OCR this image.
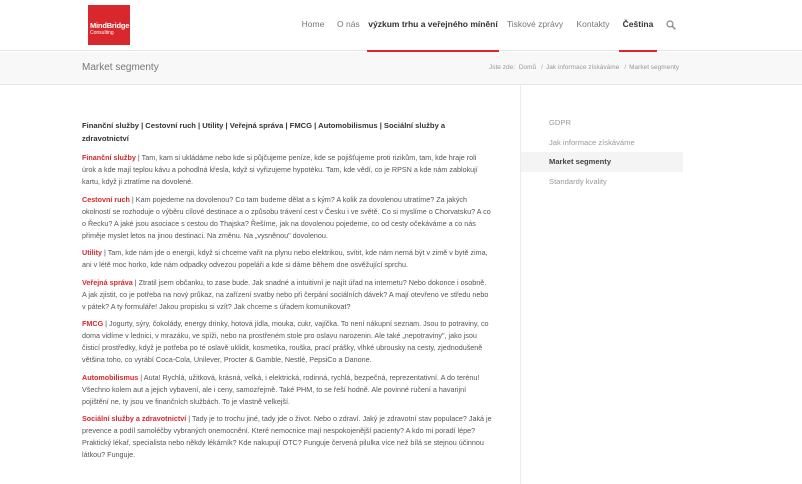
MindBridge
Consulting
Home O nás výzkum trhu a veřejného mínění Tiskové zprávy Kontakty	Čeština
Market segmenty	Jste zde: Domů / Jak informace získáváme / Market segmenty

Finanční služby | Cestovní ruch | Utility | Veřejná správa | FMCG | Automobilismus | Sociální služby a zdravotnictví

Finanční služby | Tam, kam si ukládáme nebo kde si půjčujeme peníze, kde se pojišťujeme proti rizikům, tam, kde hraje roli úrok a kde mají teplou kávu a pohodlná křesla, když si vyřizujeme hypotéku. Tam, kde vědí, co je RPSN a kde nám zablokují kartu, když ji ztratíme na dovolené.

Cestovní ruch | Kam pojedeme na dovolenou? Co tam budeme dělat a s kým? A kolik za dovolenou utratíme? Za jakých okolností se rozhoduje o výběru cílové destinace a o způsobu trávení cest v Česku i ve světě. Co si myslíme o Chorvatsku? A co o Řecku? A jaké jsou asociace s cestou do Thajska? Řešíme, jak na dovolenou pojedeme, co od cesty očekáváme a co nás přiměje myslet letos na jinou destinaci. Na změnu. Na „vysněnou" dovolenou.

Utility | Tam, kde nám jde o energii, když si chceme vařit na plynu nebo elektrikou, svítit, kde nám nemá být v zimě v bytě zima, ani v létě moc horko, kde nám odpadky odvezou popeláři a kde si dáme během dne osvěžující sprchu.

Veřejná správa | Ztratil jsem občanku, to zase bude. Jak snadné a intuitivní je najít úřad na internetu? Nebo dokonce i osobně. A jak zjistit, co je potřeba na nový průkaz, na zařízení svatby nebo při čerpání sociálních dávek? A mají otevřeno ve středu nebo v pátek? A ty formuláře! Jakou propisku si vzít? Jak chceme s úřadem komunikovat?

FMCG | Jogurty, sýry, čokolády, energy drinky, hotová jídla, mouka, cukr, vajíčka. To není nákupní seznam. Jsou to potraviny, co doma vidíme v lednici, v mrazáku, ve spíži, nebo na prostřeném stole pro oslavu narozenin. Ale také „nepotraviny", jako jsou čisticí prostředky, když je potřeba po té oslavě uklidit, kosmetika, rouška, prací prášky, vlhké ubrousky na cesty, zjednodušeně většina toho, co vyrábí Coca-Cola, Unilever, Procter & Gamble, Nestlé, PepsiCo a Danone.

Automobilismus | Auta! Rychlá, užitková, krásná, velká, i elektrická, rodinná, rychlá, bezpečná, reprezentativní. A do terénu! Všechno kolem aut a jejich vybavení, ale i ceny, samozřejmě. Také PHM, to se řeší hodně. Ale povinné ručení a havarijní pojištění ne, ty jsou ve finančních službách. To je vlastně velkejší.

Sociální služby a zdravotnictví | Tady je to trochu jiné, tady jde o život. Nebo o zdraví. Jaký je zdravotní stav populace? Jaká je prevence a podíl samoléčby vybraných onemocnění. Které nemocnice mají nespokojenější pacienty? A kdo mi poradí lépe? Praktický lékař, specialista nebo někdy lékárník? Kde nakupují OTC? Funguje červená pilulka více než bílá se stejnou účinnou látkou? Funguje.

GDPR
Jak informace získáváme
Market segmenty
Standardy kvality
